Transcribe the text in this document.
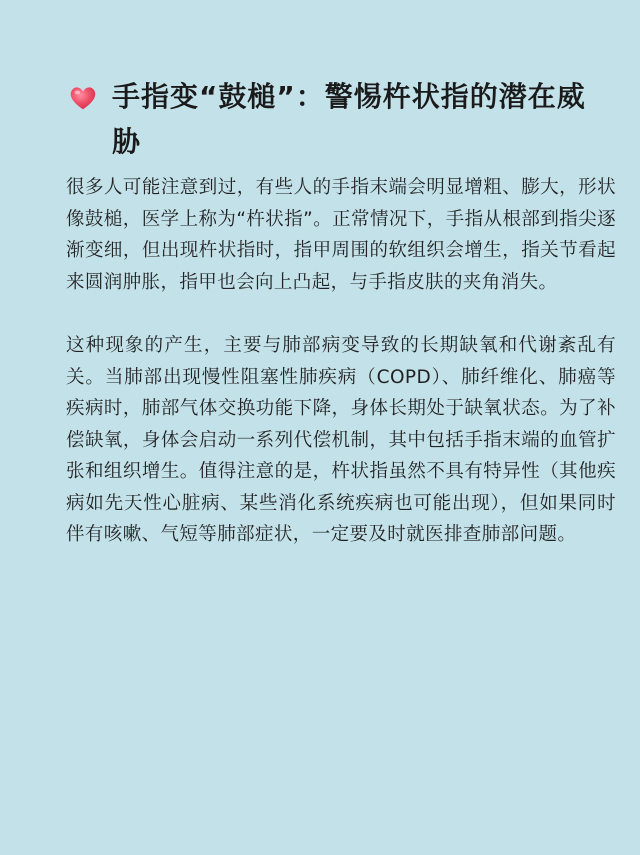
手指变“鼓槌”：警惕杵状指的潜在威胁

很多人可能注意到过，有些人的手指末端会明显增粗、膨大，形状像鼓槌，医学上称为“杵状指”。正常情况下，手指从根部到指尖逐渐变细，但出现杵状指时，指甲周围的软组织会增生，指关节看起来圆润肿胀，指甲也会向上凸起，与手指皮肤的夹角消失。

这种现象的产生，主要与肺部病变导致的长期缺氧和代谢紊乱有关。当肺部出现慢性阻塞性肺疾病（COPD）、肺纤维化、肺癌等疾病时，肺部气体交换功能下降，身体长期处于缺氧状态。为了补偿缺氧，身体会启动一系列代偿机制，其中包括手指末端的血管扩张和组织增生。值得注意的是，杵状指虽然不具有特异性（其他疾病如先天性心脏病、某些消化系统疾病也可能出现），但如果同时伴有咳嗽、气短等肺部症状，一定要及时就医排查肺部问题。
